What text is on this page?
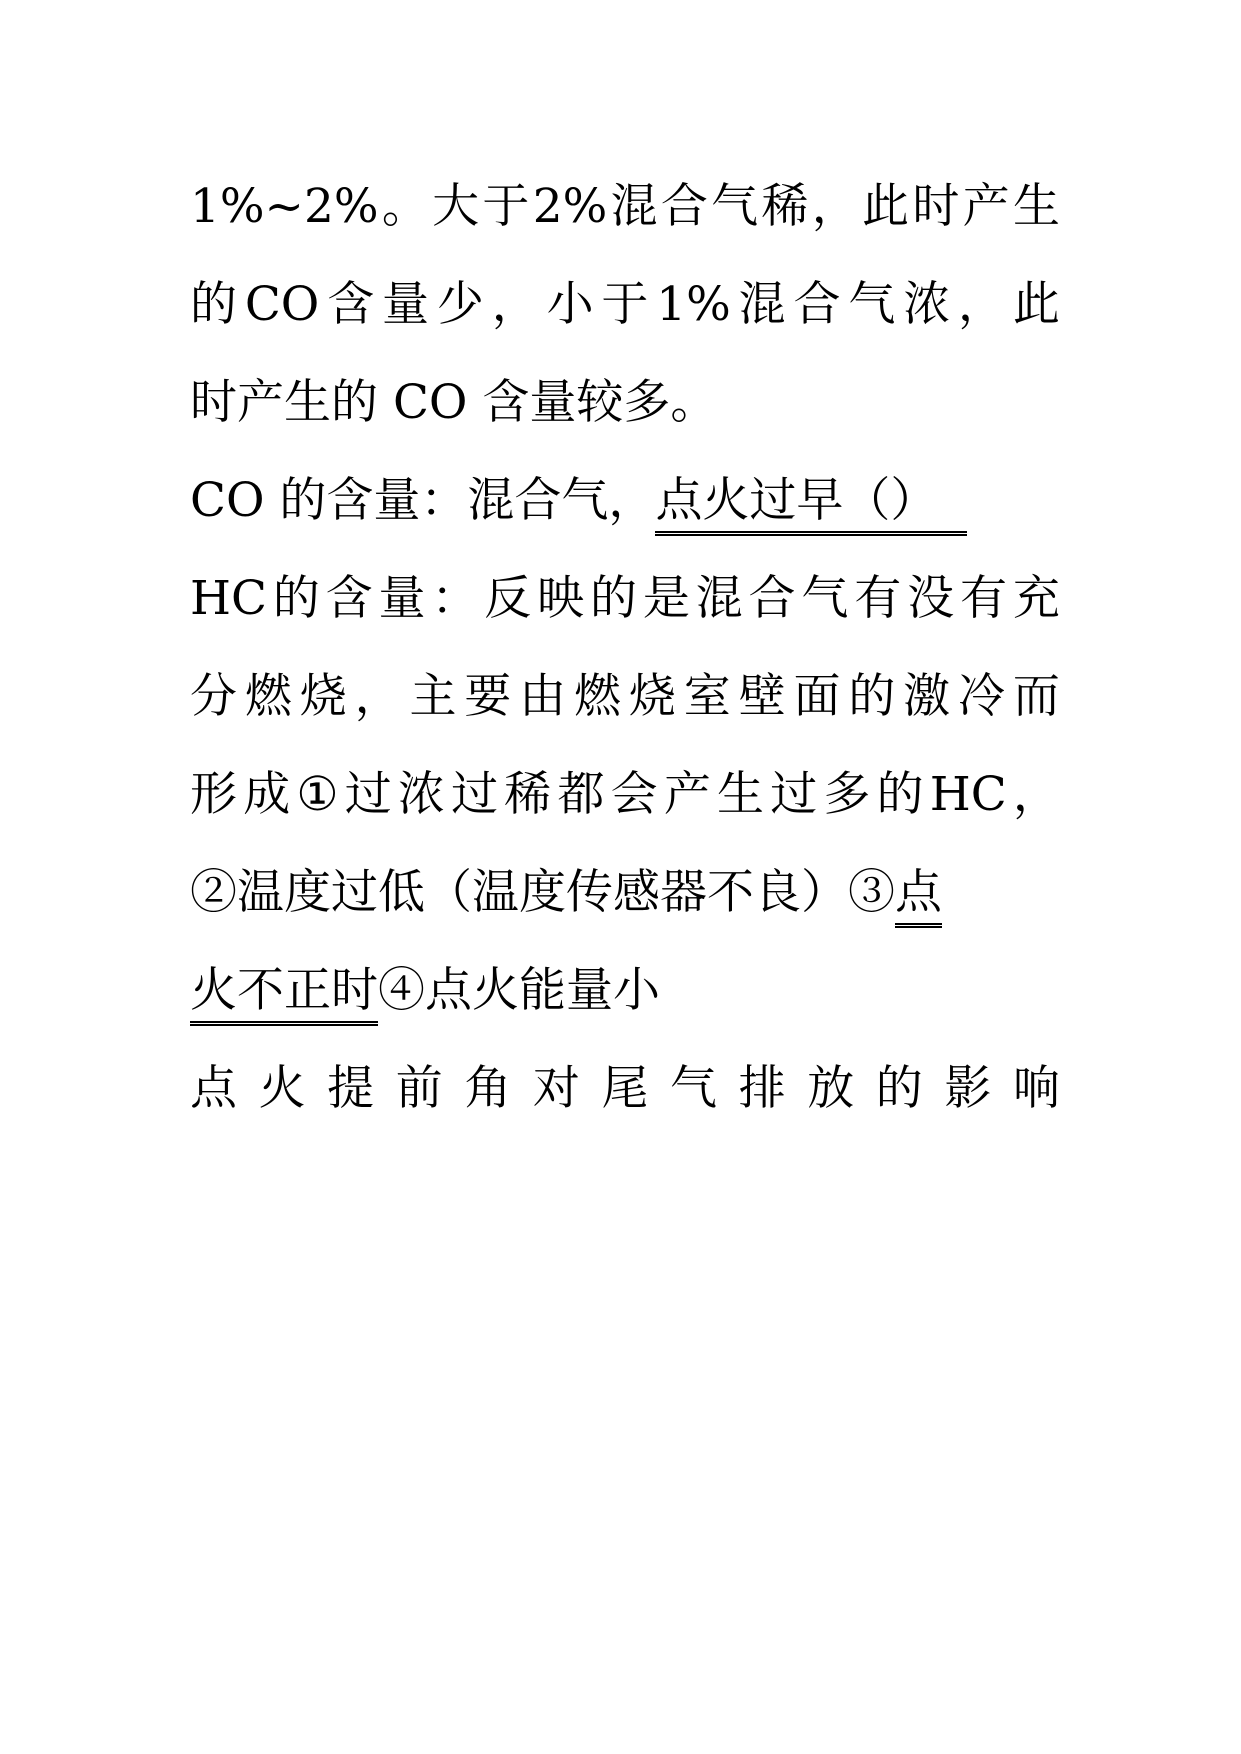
1%~2% 。 大 于 2% 混 合 气 稀 ， 此 时 产 生
的 CO 含 量 少 ， 小 于 1% 混 合 气 浓 ， 此
时产生的 CO 含量较多。
CO 的含量：混合气，点火过早（）
HC 的 含 量 ： 反 映 的 是 混 合 气 有 没 有 充
分 燃 烧 ， 主 要 由 燃 烧 室 壁 面 的 激 冷 而
形 成 ① 过 浓 过 稀 都 会 产 生 过 多 的 HC ，
②温度过低（温度传感器不良）③点
火不正时④点火能量小
点 火 提 前 角 对 尾 气 排 放 的 影 响
